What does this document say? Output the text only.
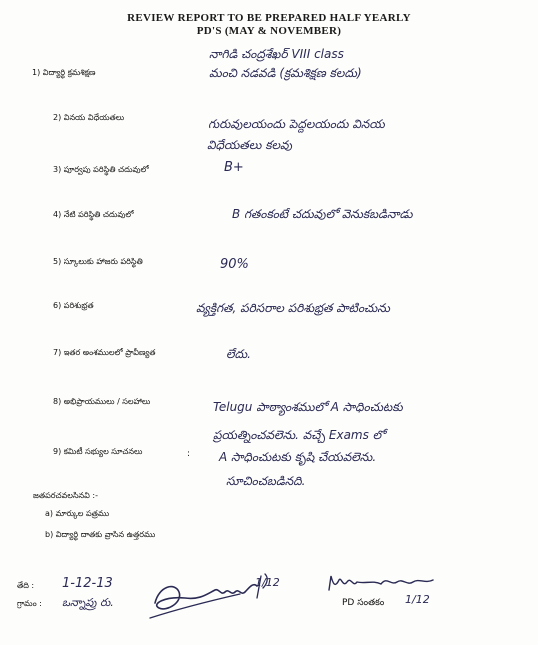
REVIEW REPORT TO BE PREPARED HALF YEARLY
PD'S (MAY & NOVEMBER)
1) విద్యార్థి క్రమశిక్షణ
నాగిడి చంద్రశేఖర్ VIII class
మంచి నడవడి (క్రమశిక్షణ కలదు)
2) వినయ విధేయతలు	గురువులయందు పెద్దలయందు వినయ
విధేయతలు కలవు
3) పూర్వపు పరిస్థితి చదువులో	B+
4) నేటి పరిస్థితి చదువులో	B గతంకంటే చదువులో వెనుకబడినాడు
5) స్కూలుకు హాజరు పరిస్థితి	90%
6) పరిశుభ్రత	వ్యక్తిగత, పరిసరాల పరిశుభ్రత పాటించును
7) ఇతర అంశములలో ప్రావీణ్యత	లేదు.
8) అభిప్రాయములు / సలహాలు	Telugu పాఠ్యాంశములో A సాధించుటకు
ప్రయత్నించవలెను. వచ్చే Exams లో
9) కమిటీ సభ్యుల సూచనలు	: A సాధించుటకు కృషి చేయవలెను.
సూచించబడినది.
జతపరచవలసినవి :-
a) మార్కుల పత్రము
b) విద్యార్థి దాతకు వ్రాసిన ఉత్తరము
తేది : 1-12-13
గ్రామం : ఒన్నాప్రు రు.
1/12
PD సంతకం 1/12
